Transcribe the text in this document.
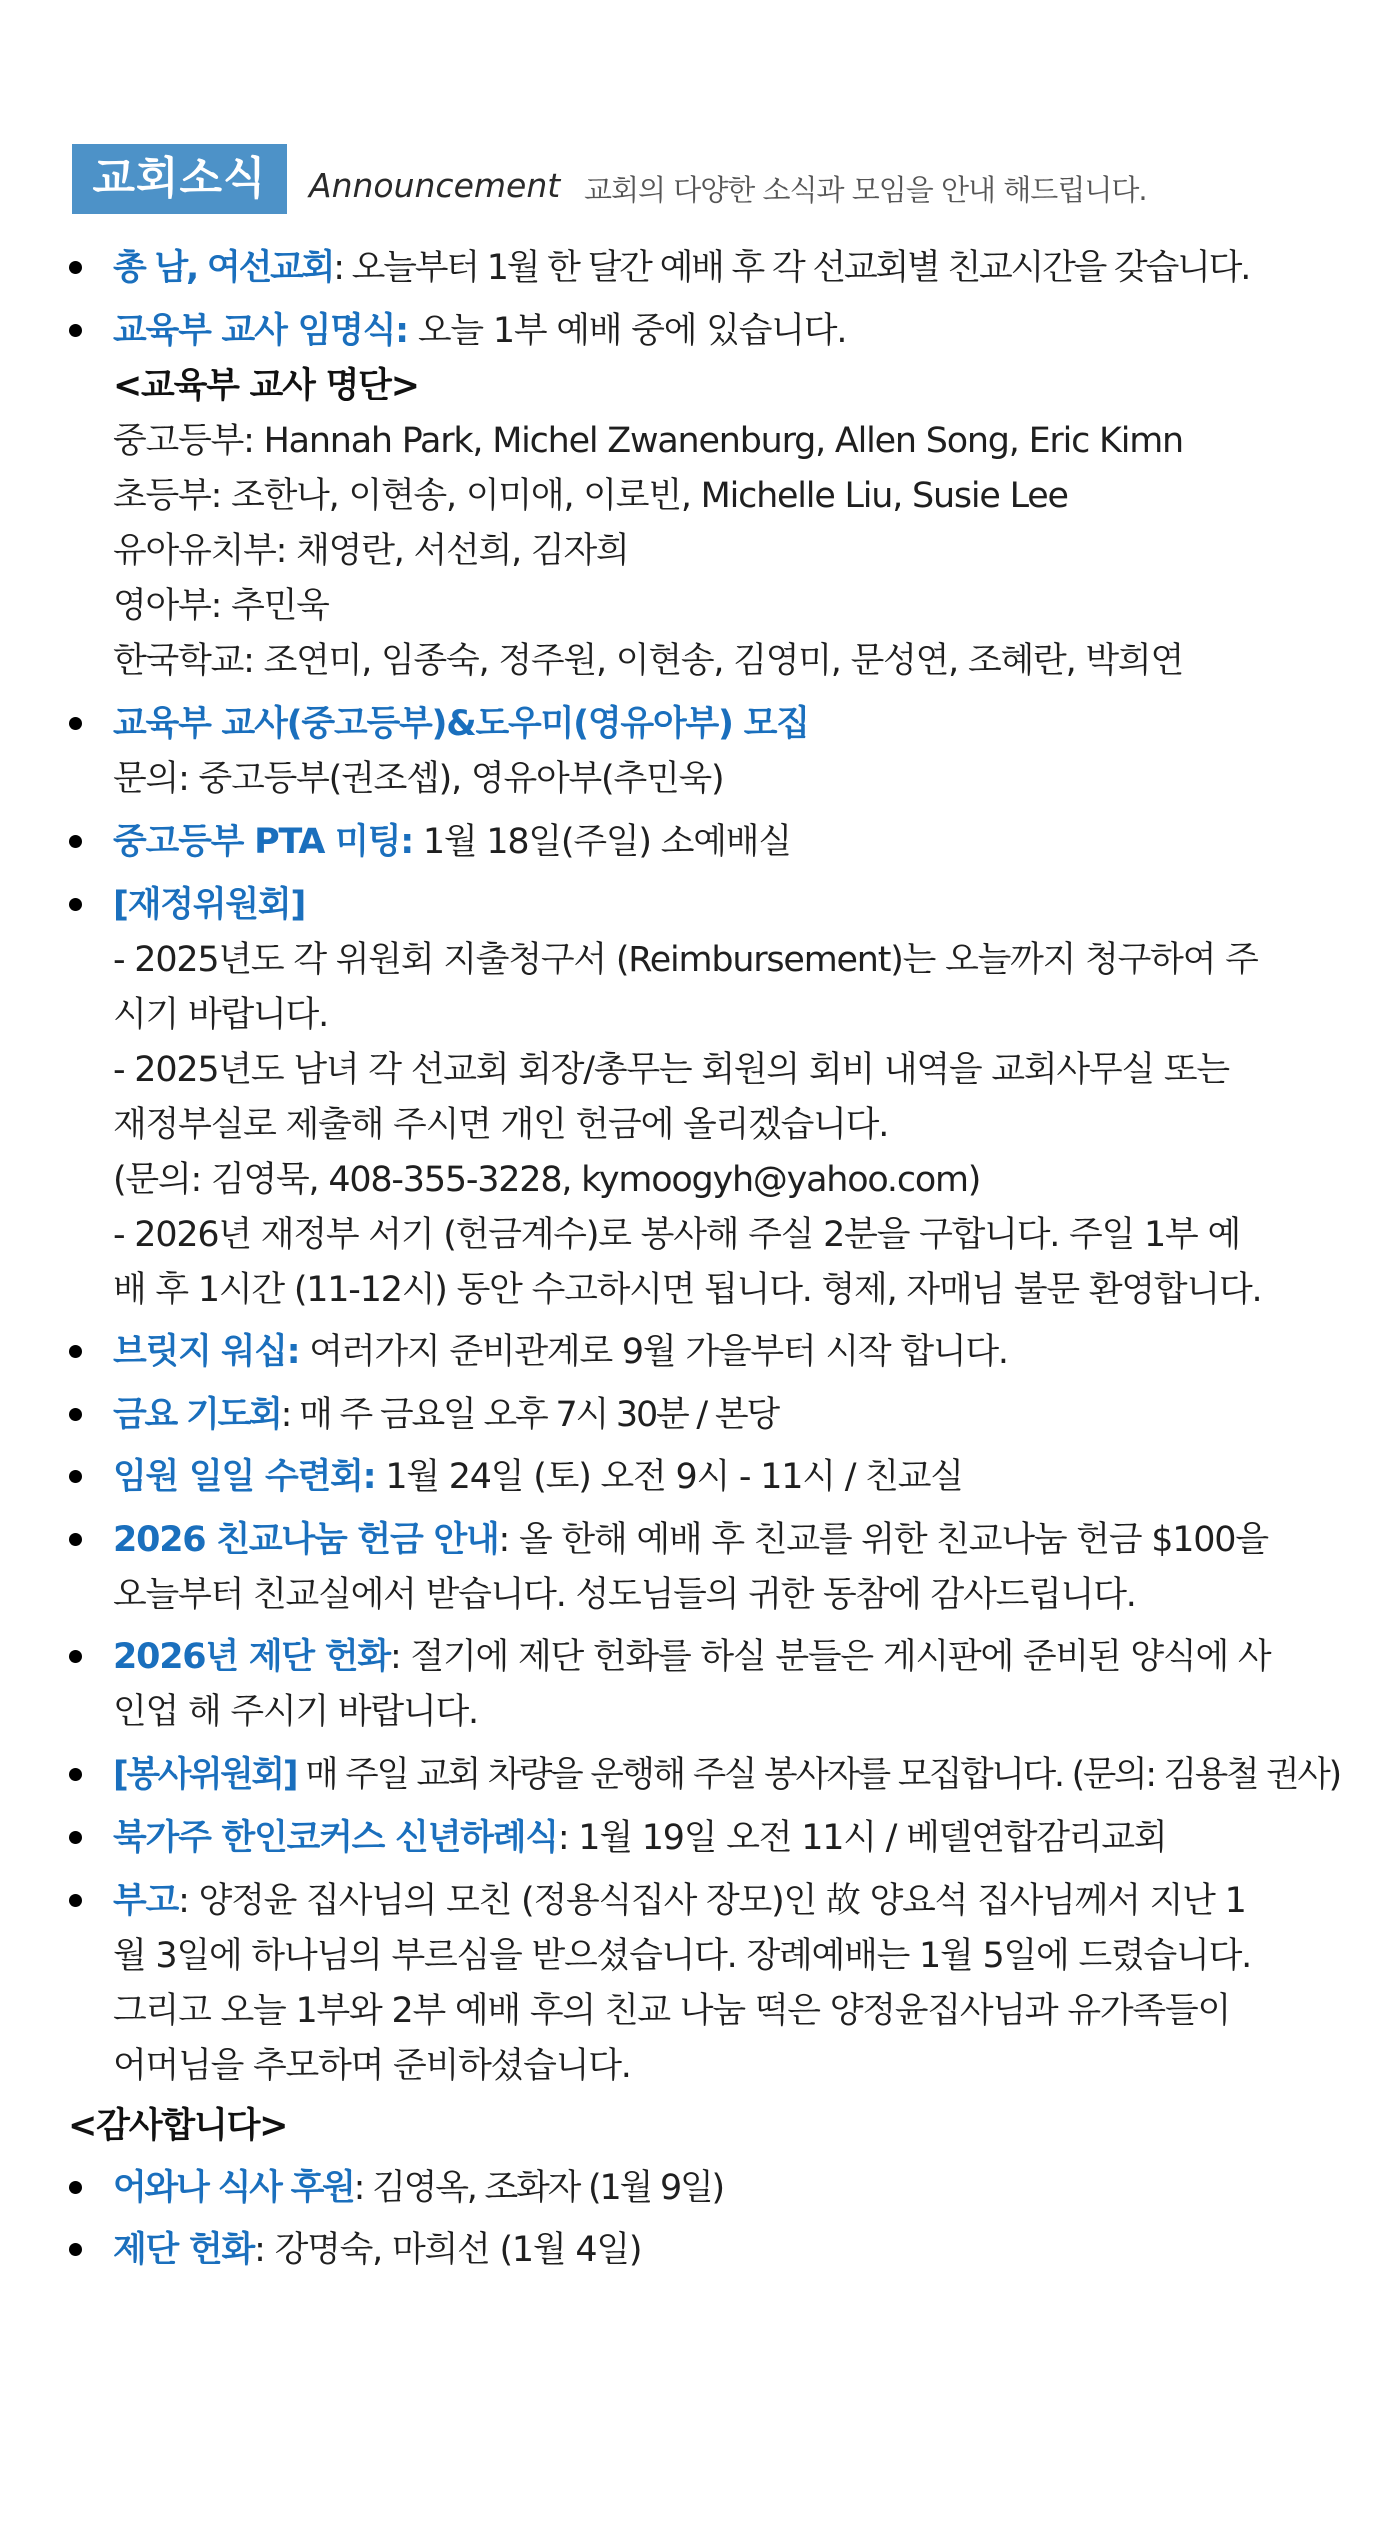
교회소식	Announcement 교회의 다양한 소식과 모임을 안내 해드립니다.
총 남, 여선교회: 오늘부터 1월 한 달간 예배 후 각 선교회별 친교시간을 갖습니다.
교육부 교사 임명식: 오늘 1부 예배 중에 있습니다.
<교육부 교사 명단>
중고등부: Hannah Park, Michel Zwanenburg, Allen Song, Eric Kimn
초등부: 조한나, 이현송, 이미애, 이로빈, Michelle Liu, Susie Lee
유아유치부: 채영란, 서선희, 김자희
영아부: 추민욱
한국학교: 조연미, 임종숙, 정주원, 이현송, 김영미, 문성연, 조혜란, 박희연
교육부 교사(중고등부)&도우미(영유아부) 모집
문의: 중고등부(권조셉), 영유아부(추민욱)
중고등부 PTA 미팅: 1월 18일(주일) 소예배실
[재정위원회]
- 2025년도 각 위원회 지출청구서 (Reimbursement)는 오늘까지 청구하여 주
시기 바랍니다.
- 2025년도 남녀 각 선교회 회장/총무는 회원의 회비 내역을 교회사무실 또는
재정부실로 제출해 주시면 개인 헌금에 올리겠습니다.
(문의: 김영묵, 408-355-3228, kymoogyh@yahoo.com)
- 2026년 재정부 서기 (헌금계수)로 봉사해 주실 2분을 구합니다. 주일 1부 예
배 후 1시간 (11-12시) 동안 수고하시면 됩니다. 형제, 자매님 불문 환영합니다.
브릿지 워십: 여러가지 준비관계로 9월 가을부터 시작 합니다.
금요 기도회: 매 주 금요일 오후 7시 30분 / 본당
임원 일일 수련회: 1월 24일 (토) 오전 9시 - 11시 / 친교실
2026 친교나눔 헌금 안내: 올 한해 예배 후 친교를 위한 친교나눔 헌금 $100을
오늘부터 친교실에서 받습니다. 성도님들의 귀한 동참에 감사드립니다.
2026년 제단 헌화: 절기에 제단 헌화를 하실 분들은 게시판에 준비된 양식에 사
인업 해 주시기 바랍니다.
[봉사위원회] 매 주일 교회 차량을 운행해 주실 봉사자를 모집합니다. (문의: 김용철 권사)
북가주 한인코커스 신년하례식: 1월 19일 오전 11시 / 베델연합감리교회
부고: 양정윤 집사님의 모친 (정용식집사 장모)인 故 양요석 집사님께서 지난 1
월 3일에 하나님의 부르심을 받으셨습니다. 장례예배는 1월 5일에 드렸습니다.
그리고 오늘 1부와 2부 예배 후의 친교 나눔 떡은 양정윤집사님과 유가족들이
어머님을 추모하며 준비하셨습니다.
<감사합니다>
어와나 식사 후원: 김영옥, 조화자 (1월 9일)
제단 헌화: 강명숙, 마희선 (1월 4일)
